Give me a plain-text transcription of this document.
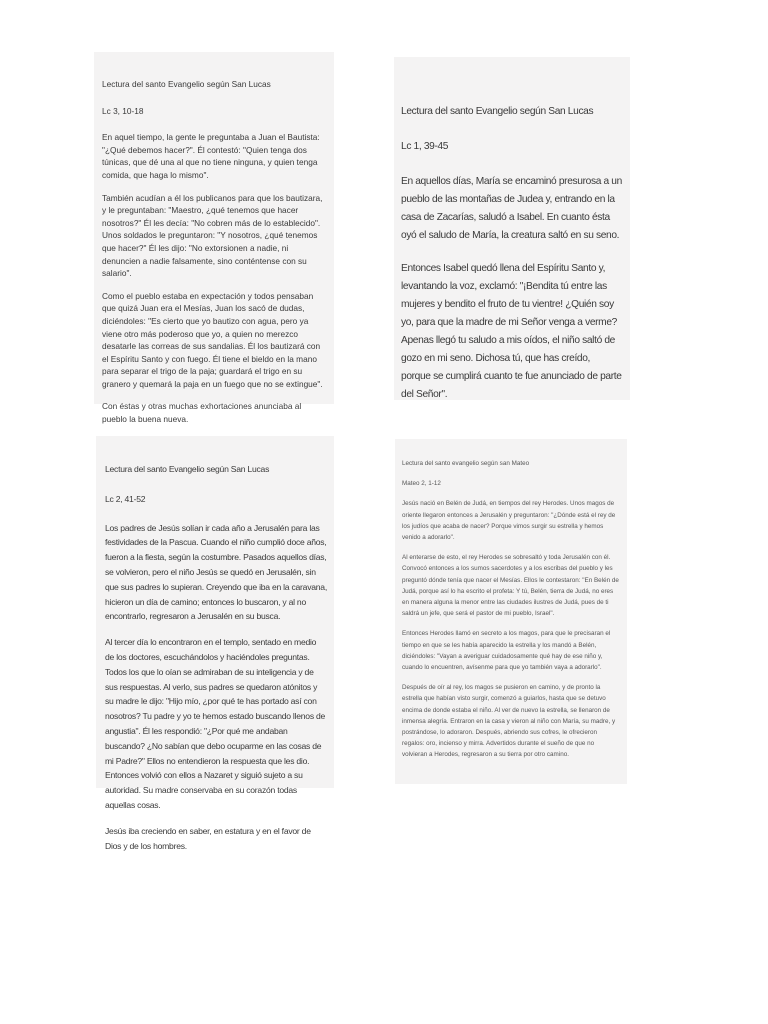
Lectura del santo Evangelio según San Lucas

Lc 3, 10-18

En aquel tiempo, la gente le preguntaba a Juan el Bautista: "¿Qué debemos hacer?". Él contestó: "Quien tenga dos túnicas, que dé una al que no tiene ninguna, y quien tenga comida, que haga lo mismo".

También acudían a él los publicanos para que los bautizara, y le preguntaban: "Maestro, ¿qué tenemos que hacer nosotros?" Él les decía: "No cobren más de lo establecido". Unos soldados le preguntaron: "Y nosotros, ¿qué tenemos que hacer?" Él les dijo: "No extorsionen a nadie, ni denuncien a nadie falsamente, sino conténtense con su salario".

Como el pueblo estaba en expectación y todos pensaban que quizá Juan era el Mesías, Juan los sacó de dudas, diciéndoles: "Es cierto que yo bautizo con agua, pero ya viene otro más poderoso que yo, a quien no merezco desatarle las correas de sus sandalias. Él los bautizará con el Espíritu Santo y con fuego. Él tiene el bieldo en la mano para separar el trigo de la paja; guardará el trigo en su granero y quemará la paja en un fuego que no se extingue".

Con éstas y otras muchas exhortaciones anunciaba al pueblo la buena nueva.

Lectura del santo Evangelio según San Lucas

Lc 1, 39-45

En aquellos días, María se encaminó presurosa a un pueblo de las montañas de Judea y, entrando en la casa de Zacarías, saludó a Isabel. En cuanto ésta oyó el saludo de María, la creatura saltó en su seno.

Entonces Isabel quedó llena del Espíritu Santo y, levantando la voz, exclamó: "¡Bendita tú entre las mujeres y bendito el fruto de tu vientre! ¿Quién soy yo, para que la madre de mi Señor venga a verme? Apenas llegó tu saludo a mis oídos, el niño saltó de gozo en mi seno. Dichosa tú, que has creído, porque se cumplirá cuanto te fue anunciado de parte del Señor".

Lectura del santo Evangelio según San Lucas

Lc 2, 41-52

Los padres de Jesús solían ir cada año a Jerusalén para las festividades de la Pascua. Cuando el niño cumplió doce años, fueron a la fiesta, según la costumbre. Pasados aquellos días, se volvieron, pero el niño Jesús se quedó en Jerusalén, sin que sus padres lo supieran. Creyendo que iba en la caravana, hicieron un día de camino; entonces lo buscaron, y al no encontrarlo, regresaron a Jerusalén en su busca.

Al tercer día lo encontraron en el templo, sentado en medio de los doctores, escuchándolos y haciéndoles preguntas. Todos los que lo oían se admiraban de su inteligencia y de sus respuestas. Al verlo, sus padres se quedaron atónitos y su madre le dijo: "Hijo mío, ¿por qué te has portado así con nosotros? Tu padre y yo te hemos estado buscando llenos de angustia". Él les respondió: "¿Por qué me andaban buscando? ¿No sabían que debo ocuparme en las cosas de mi Padre?" Ellos no entendieron la respuesta que les dio. Entonces volvió con ellos a Nazaret y siguió sujeto a su autoridad. Su madre conservaba en su corazón todas aquellas cosas.

Jesús iba creciendo en saber, en estatura y en el favor de Dios y de los hombres.

Lectura del santo evangelio según san Mateo

Mateo 2, 1-12

Jesús nació en Belén de Judá, en tiempos del rey Herodes. Unos magos de oriente llegaron entonces a Jerusalén y preguntaron: "¿Dónde está el rey de los judíos que acaba de nacer? Porque vimos surgir su estrella y hemos venido a adorarlo".

Al enterarse de esto, el rey Herodes se sobresaltó y toda Jerusalén con él. Convocó entonces a los sumos sacerdotes y a los escribas del pueblo y les preguntó dónde tenía que nacer el Mesías. Ellos le contestaron: "En Belén de Judá, porque así lo ha escrito el profeta: Y tú, Belén, tierra de Judá, no eres en manera alguna la menor entre las ciudades ilustres de Judá, pues de ti saldrá un jefe, que será el pastor de mi pueblo, Israel".

Entonces Herodes llamó en secreto a los magos, para que le precisaran el tiempo en que se les había aparecido la estrella y los mandó a Belén, diciéndoles: "Vayan a averiguar cuidadosamente qué hay de ese niño y, cuando lo encuentren, avísenme para que yo también vaya a adorarlo".

Después de oír al rey, los magos se pusieron en camino, y de pronto la estrella que habían visto surgir, comenzó a guiarlos, hasta que se detuvo encima de donde estaba el niño. Al ver de nuevo la estrella, se llenaron de inmensa alegría. Entraron en la casa y vieron al niño con María, su madre, y postrándose, lo adoraron. Después, abriendo sus cofres, le ofrecieron regalos: oro, incienso y mirra. Advertidos durante el sueño de que no volvieran a Herodes, regresaron a su tierra por otro camino.
